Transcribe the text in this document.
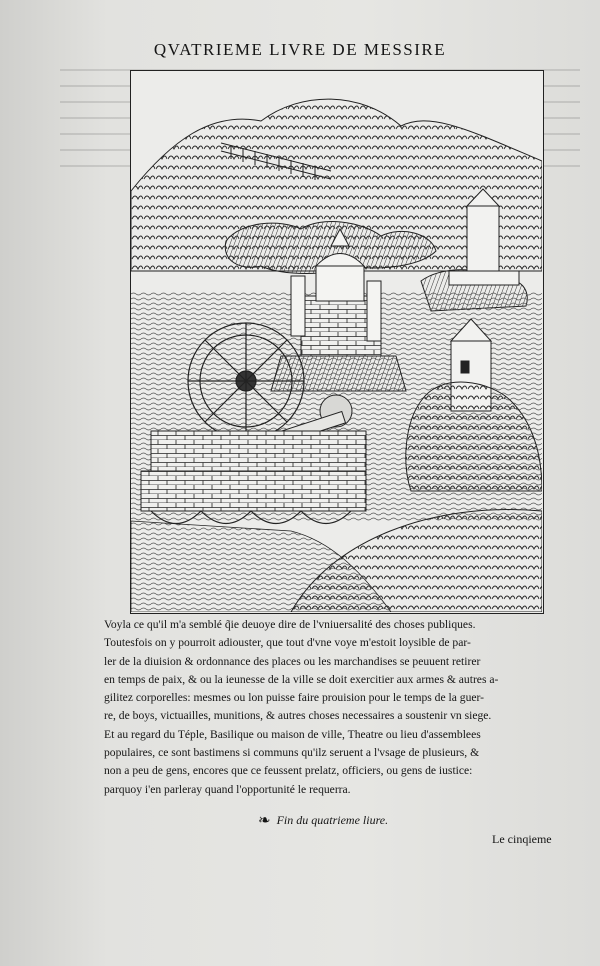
QVATRIEME LIVRE DE MESSIRE
Voyla ce qu'il m'a semblé q̃ie deuoye dire de l'vniuersalité des choses publiques.
Toutesfois on y pourroit adiouster, que tout d'vne voye m'estoit loysible de par-
ler de la diuision & ordonnance des places ou les marchandises se peuuent retirer
en temps de paix, & ou la ieunesse de la ville se doit exercitier aux armes & autres a-
gilitez corporelles: mesmes ou lon puisse faire prouision pour le temps de la guer-
re, de boys, victuailles, munitions, & autres choses necessaires a soustenir vn siege.
Et au regard du Téple, Basilique ou maison de ville, Theatre ou lieu d'assemblees
populaires, ce sont bastimens si communs qu'ilz seruent a l'vsage de plusieurs, &
non a peu de gens, encores que ce feussent prelatz, officiers, ou gens de iustice:
parquoy i'en parleray quand l'opportunité le requerra.
❧ Fin du quatrieme liure.
Le cinqieme
